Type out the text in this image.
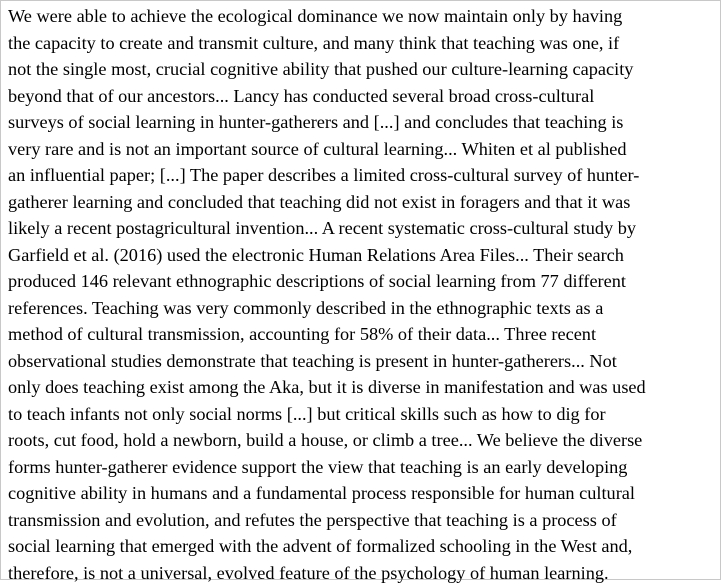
We were able to achieve the ecological dominance we now maintain only by having
the capacity to create and transmit culture, and many think that teaching was one, if
not the single most, crucial cognitive ability that pushed our culture-learning capacity
beyond that of our ancestors... Lancy has conducted several broad cross-cultural
surveys of social learning in hunter-gatherers and [...] and concludes that teaching is
very rare and is not an important source of cultural learning... Whiten et al published
an influential paper; [...] The paper describes a limited cross-cultural survey of hunter-
gatherer learning and concluded that teaching did not exist in foragers and that it was
likely a recent postagricultural invention... A recent systematic cross-cultural study by
Garfield et al. (2016) used the electronic Human Relations Area Files... Their search
produced 146 relevant ethnographic descriptions of social learning from 77 different
references. Teaching was very commonly described in the ethnographic texts as a
method of cultural transmission, accounting for 58% of their data... Three recent
observational studies demonstrate that teaching is present in hunter-gatherers... Not
only does teaching exist among the Aka, but it is diverse in manifestation and was used
to teach infants not only social norms [...] but critical skills such as how to dig for
roots, cut food, hold a newborn, build a house, or climb a tree... We believe the diverse
forms hunter-gatherer evidence support the view that teaching is an early developing
cognitive ability in humans and a fundamental process responsible for human cultural
transmission and evolution, and refutes the perspective that teaching is a process of
social learning that emerged with the advent of formalized schooling in the West and,
therefore, is not a universal, evolved feature of the psychology of human learning.
